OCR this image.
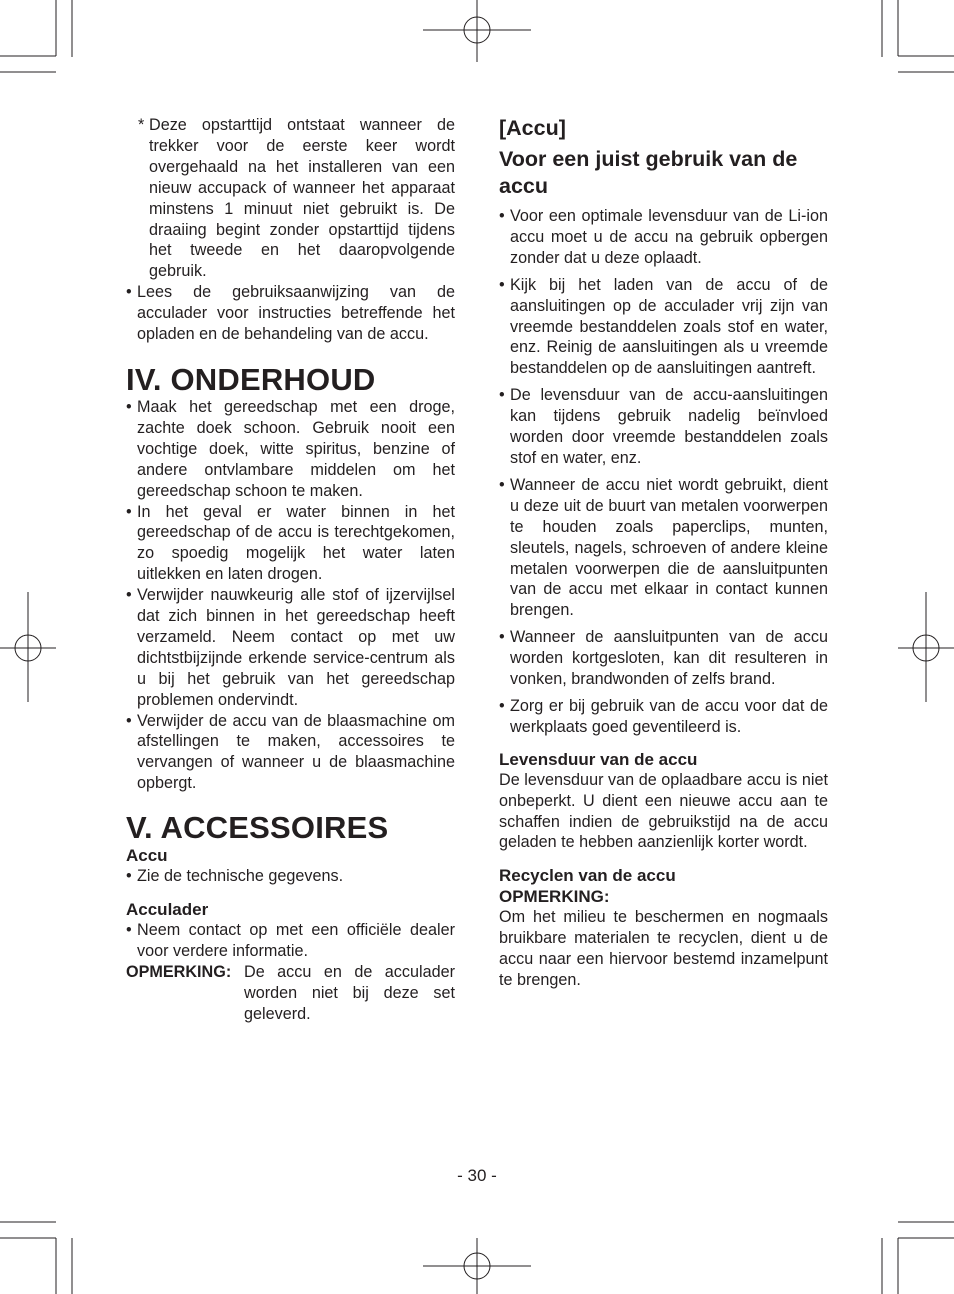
* Deze opstarttijd ontstaat wanneer de trekker voor de eerste keer wordt overgehaald na het installeren van een nieuw accupack of wanneer het apparaat minstens 1 minuut niet gebruikt is. De draaiing begint zonder opstarttijd tijdens het tweede en het daaropvolgende gebruik.
• Lees de gebruiksaanwijzing van de acculader voor instructies betreffende het opladen en de behandeling van de accu.
IV. ONDERHOUD
• Maak het gereedschap met een droge, zachte doek schoon. Gebruik nooit een vochtige doek, witte spiritus, benzine of andere ontvlambare middelen om het gereedschap schoon te maken.
• In het geval er water binnen in het gereedschap of de accu is terechtgekomen, zo spoedig mogelijk het water laten uitlekken en laten drogen.
• Verwijder nauwkeurig alle stof of ijzervijlsel dat zich binnen in het gereedschap heeft verzameld. Neem contact op met uw dichtstbijzijnde erkende service-centrum als u bij het gebruik van het gereedschap problemen ondervindt.
• Verwijder de accu van de blaasmachine om afstellingen te maken, accessoires te vervangen of wanneer u de blaasmachine opbergt.
V. ACCESSOIRES
Accu
• Zie de technische gegevens.
Acculader
• Neem contact op met een officiële dealer voor verdere informatie.
OPMERKING: De accu en de acculader worden niet bij deze set geleverd.
[Accu]
Voor een juist gebruik van de accu
• Voor een optimale levensduur van de Li-ion accu moet u de accu na gebruik opbergen zonder dat u deze oplaadt.
• Kijk bij het laden van de accu of de aansluitingen op de acculader vrij zijn van vreemde bestanddelen zoals stof en water, enz. Reinig de aansluitingen als u vreemde bestanddelen op de aansluitingen aantreft.
• De levensduur van de accu-aansluitingen kan tijdens gebruik nadelig beïnvloed worden door vreemde bestanddelen zoals stof en water, enz.
• Wanneer de accu niet wordt gebruikt, dient u deze uit de buurt van metalen voorwerpen te houden zoals paperclips, munten, sleutels, nagels, schroeven of andere kleine metalen voorwerpen die de aansluitpunten van de accu met elkaar in contact kunnen brengen.
• Wanneer de aansluitpunten van de accu worden kortgesloten, kan dit resulteren in vonken, brandwonden of zelfs brand.
• Zorg er bij gebruik van de accu voor dat de werkplaats goed geventileerd is.
Levensduur van de accu

De levensduur van de oplaadbare accu is niet onbeperkt. U dient een nieuwe accu aan te schaffen indien de gebruikstijd na de accu geladen te hebben aanzienlijk korter wordt.

Recyclen van de accu
OPMERKING:

Om het milieu te beschermen en nogmaals bruikbare materialen te recyclen, dient u de accu naar een hiervoor bestemd inzamelpunt te brengen.

- 30 -
